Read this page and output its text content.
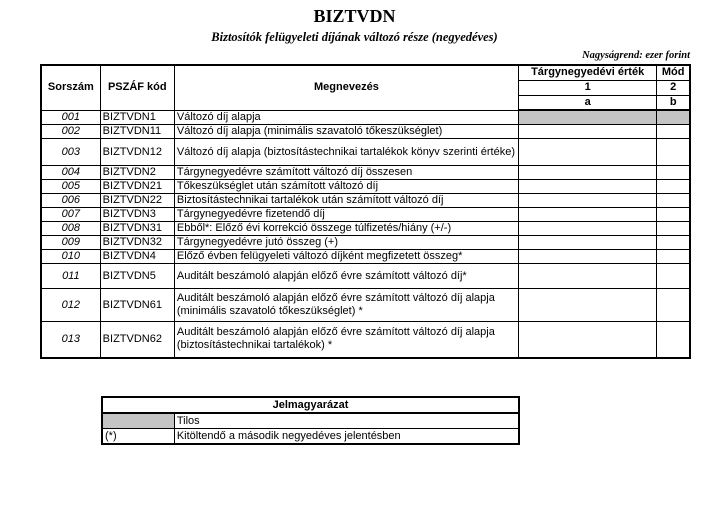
BIZTVDN
Biztosítók felügyeleti díjának változó része (negyedéves)
Nagyságrend: ezer forint
Sorszám	PSZÁF kód	Megnevezés	Tárgynegyedévi érték	Mód
			1	2
			a	b
001	BIZTVDN1	Változó díj alapja		
002	BIZTVDN11	Változó díj alapja (minimális szavatoló tőkeszükséglet)		
003	BIZTVDN12	Változó díj alapja (biztosítástechnikai tartalékok könyv szerinti értéke)		
004	BIZTVDN2	Tárgynegyedévre számított változó díj összesen		
005	BIZTVDN21	Tőkeszükséglet után számított változó díj		
006	BIZTVDN22	Biztosítástechnikai tartalékok után számított változó díj		
007	BIZTVDN3	Tárgynegyedévre fizetendő díj		
008	BIZTVDN31	Ebből*: Előző évi korrekció összege túlfizetés/hiány (+/-)		
009	BIZTVDN32	Tárgynegyedévre jutó összeg (+)		
010	BIZTVDN4	Előző évben felügyeleti változó díjként megfizetett összeg*		
011	BIZTVDN5	Auditált beszámoló alapján előző évre számított változó díj*		
012	BIZTVDN61	Auditált beszámoló alapján előző évre számított változó díj alapja (minimális szavatoló tőkeszükséglet) *		
013	BIZTVDN62	Auditált beszámoló alapján előző évre számított változó díj alapja (biztosítástechnikai tartalékok) *		
Jelmagyarázat	
	Tilos
(*)	Kitöltendő a második negyedéves jelentésben
